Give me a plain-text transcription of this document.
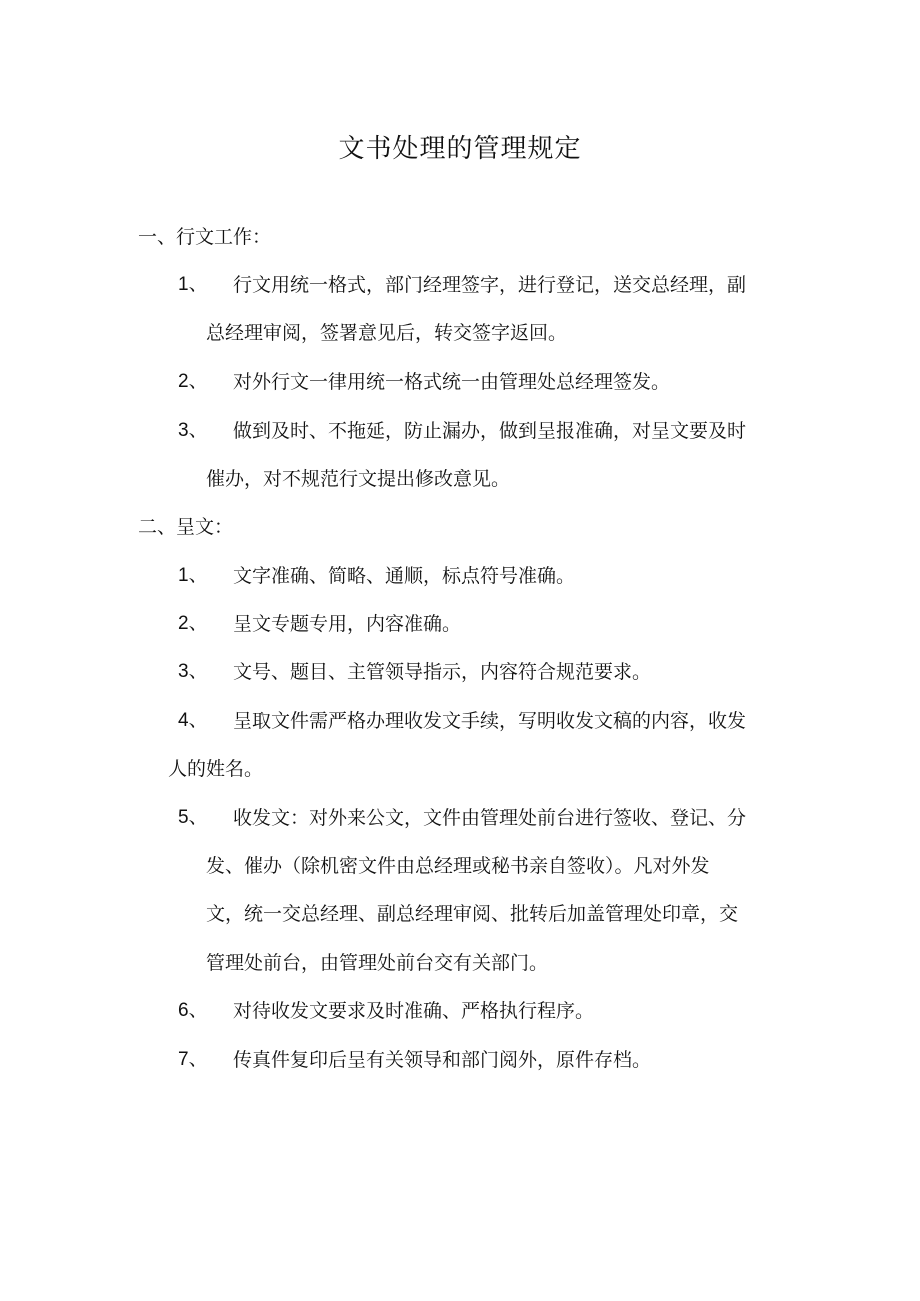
文书处理的管理规定
一、行文工作：
1、 行文用统一格式，部门经理签字，进行登记，送交总经理，副
总经理审阅，签署意见后，转交签字返回。
2、 对外行文一律用统一格式统一由管理处总经理签发。
3、 做到及时、不拖延，防止漏办，做到呈报准确，对呈文要及时
催办，对不规范行文提出修改意见。
二、呈文：
1、 文字准确、简略、通顺，标点符号准确。
2、 呈文专题专用，内容准确。
3、 文号、题目、主管领导指示，内容符合规范要求。
4、 呈取文件需严格办理收发文手续，写明收发文稿的内容，收发
人的姓名。
5、 收发文：对外来公文，文件由管理处前台进行签收、登记、分
发、催办（除机密文件由总经理或秘书亲自签收）。凡对外发
文，统一交总经理、副总经理审阅、批转后加盖管理处印章，交
管理处前台，由管理处前台交有关部门。
6、 对待收发文要求及时准确、严格执行程序。
7、 传真件复印后呈有关领导和部门阅外，原件存档。
